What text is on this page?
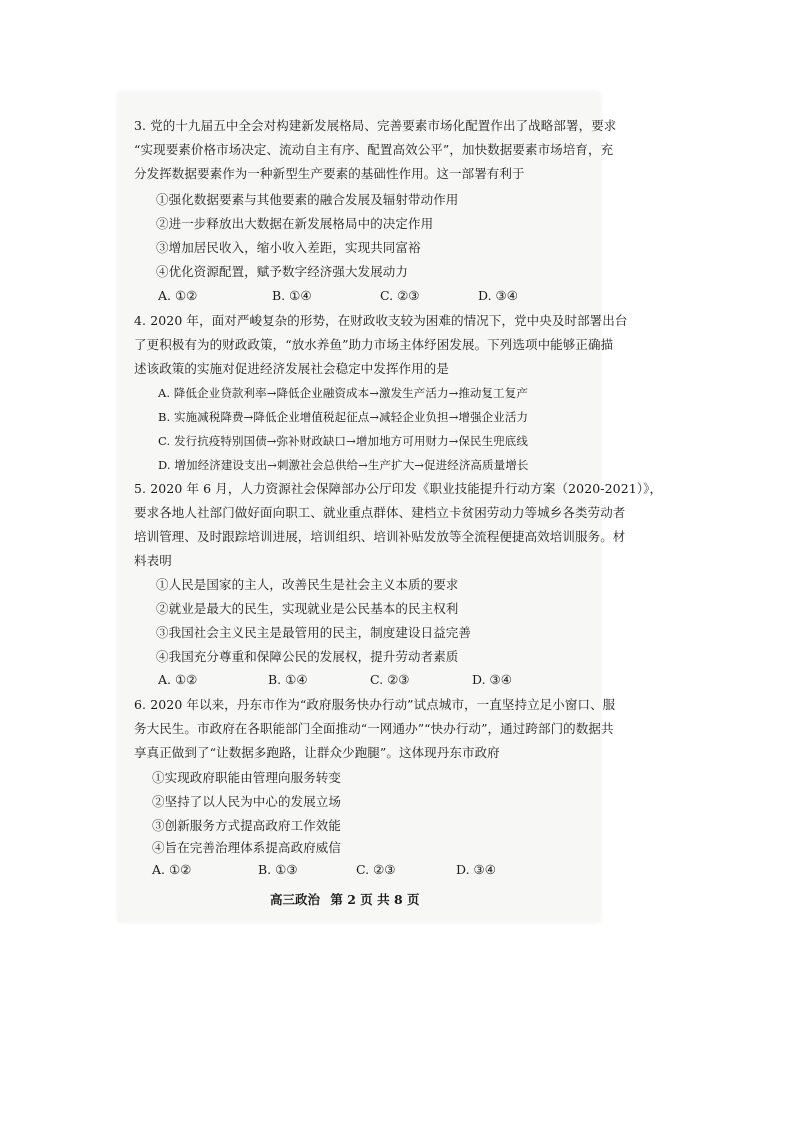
3. 党的十九届五中全会对构建新发展格局、完善要素市场化配置作出了战略部署，要求
“实现要素价格市场决定、流动自主有序、配置高效公平”，加快数据要素市场培育，充
分发挥数据要素作为一种新型生产要素的基础性作用。这一部署有利于
①强化数据要素与其他要素的融合发展及辐射带动作用
②进一步释放出大数据在新发展格局中的决定作用
③增加居民收入，缩小收入差距，实现共同富裕
④优化资源配置，赋予数字经济强大发展动力
A. ①②	B. ①④	C. ②③	D. ③④
4. 2020 年，面对严峻复杂的形势，在财政收支较为困难的情况下，党中央及时部署出台
了更积极有为的财政政策，“放水养鱼”助力市场主体纾困发展。下列选项中能够正确描
述该政策的实施对促进经济发展社会稳定中发挥作用的是
A. 降低企业贷款利率→降低企业融资成本→激发生产活力→推动复工复产
B. 实施减税降费→降低企业增值税起征点→减轻企业负担→增强企业活力
C. 发行抗疫特别国债→弥补财政缺口→增加地方可用财力→保民生兜底线
D. 增加经济建设支出→刺激社会总供给→生产扩大→促进经济高质量增长
5. 2020 年 6 月，人力资源社会保障部办公厅印发《职业技能提升行动方案（2020-2021）》，
要求各地人社部门做好面向职工、就业重点群体、建档立卡贫困劳动力等城乡各类劳动者
培训管理、及时跟踪培训进展，培训组织、培训补贴发放等全流程便捷高效培训服务。材
料表明
①人民是国家的主人，改善民生是社会主义本质的要求
②就业是最大的民生，实现就业是公民基本的民主权利
③我国社会主义民主是最管用的民主，制度建设日益完善
④我国充分尊重和保障公民的发展权，提升劳动者素质
A. ①②	B. ①④	C. ②③	D. ③④
6. 2020 年以来，丹东市作为“政府服务快办行动”试点城市，一直坚持立足小窗口、服
务大民生。市政府在各职能部门全面推动“一网通办”“快办行动”，通过跨部门的数据共
享真正做到了“让数据多跑路，让群众少跑腿”。这体现丹东市政府
①实现政府职能由管理向服务转变
②坚持了以人民为中心的发展立场
③创新服务方式提高政府工作效能
高三政治 第 2 页 共 8 页
④旨在完善治理体系提高政府威信
A. ①②	B. ①③	C. ②③	D. ③④
